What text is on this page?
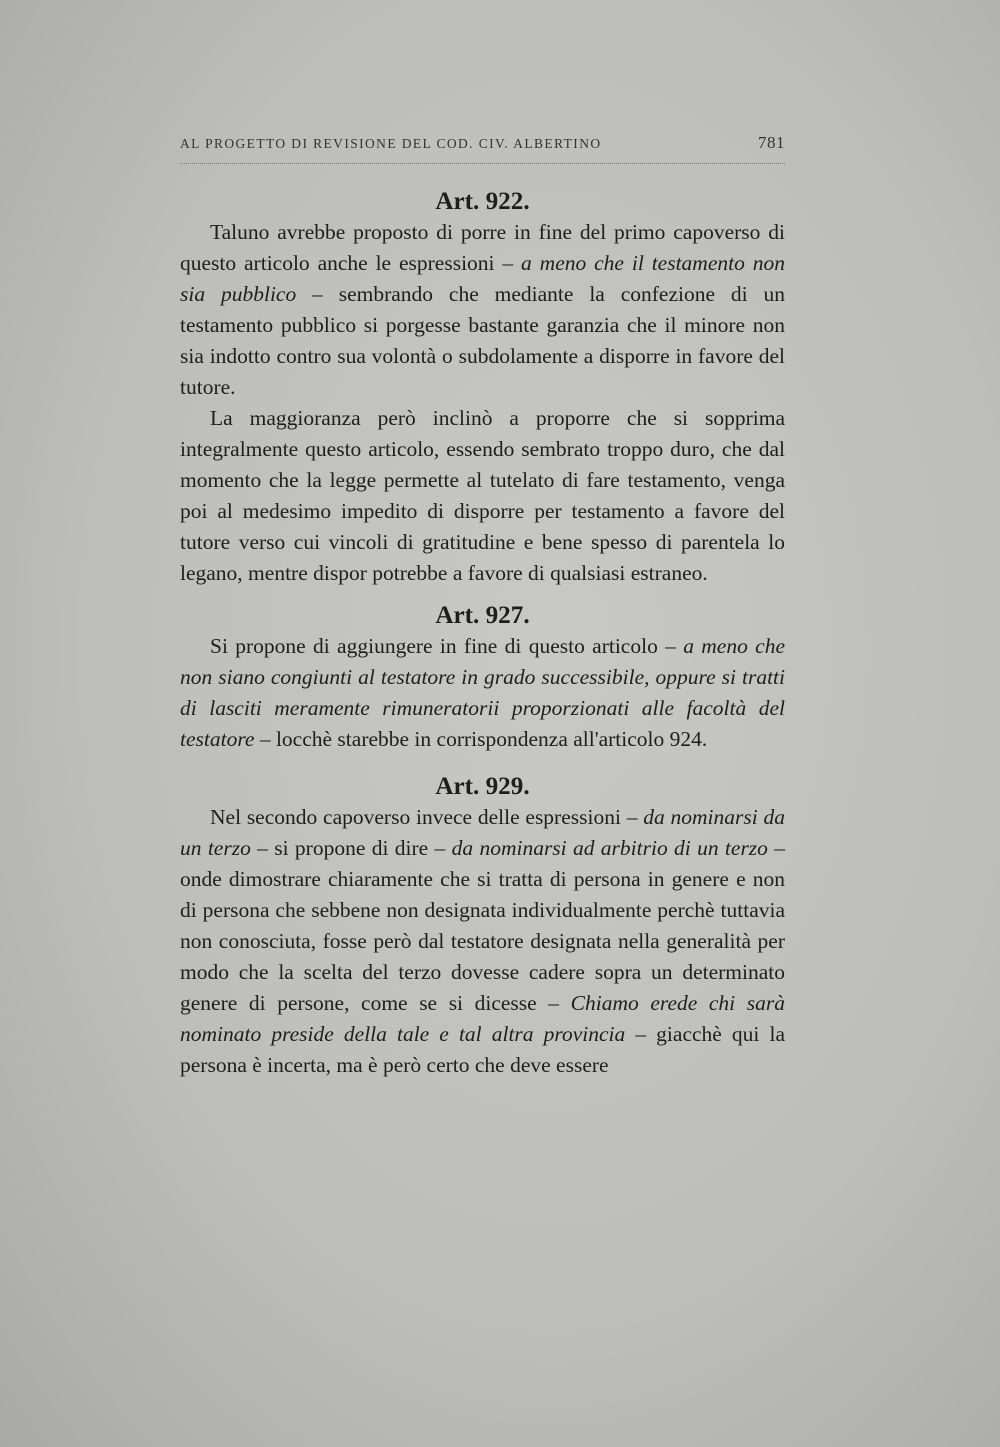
AL PROGETTO DI REVISIONE DEL COD. CIV. ALBERTINO	781
Art. 922.

Taluno avrebbe proposto di porre in fine del primo capoverso di questo articolo anche le espressioni – a meno che il testamento non sia pubblico – sembrando che mediante la confezione di un testamento pubblico si porgesse bastante garanzia che il minore non sia indotto contro sua volontà o subdolamente a disporre in favore del tutore.

La maggioranza però inclinò a proporre che si sopprima integralmente questo articolo, essendo sembrato troppo duro, che dal momento che la legge permette al tutelato di fare testamento, venga poi al medesimo impedito di disporre per testamento a favore del tutore verso cui vincoli di gratitudine e bene spesso di parentela lo legano, mentre dispor potrebbe a favore di qualsiasi estraneo.

Art. 927.

Si propone di aggiungere in fine di questo articolo – a meno che non siano congiunti al testatore in grado successibile, oppure si tratti di lasciti meramente rimuneratorii proporzionati alle facoltà del testatore – locchè starebbe in corrispondenza all'articolo 924.

Art. 929.

Nel secondo capoverso invece delle espressioni – da nominarsi da un terzo – si propone di dire – da nominarsi ad arbitrio di un terzo – onde dimostrare chiaramente che si tratta di persona in genere e non di persona che sebbene non designata individualmente perchè tuttavia non conosciuta, fosse però dal testatore designata nella generalità per modo che la scelta del terzo dovesse cadere sopra un determinato genere di persone, come se si dicesse – Chiamo erede chi sarà nominato preside della tale e tal altra provincia – giacchè qui la persona è incerta, ma è però certo che deve essere
